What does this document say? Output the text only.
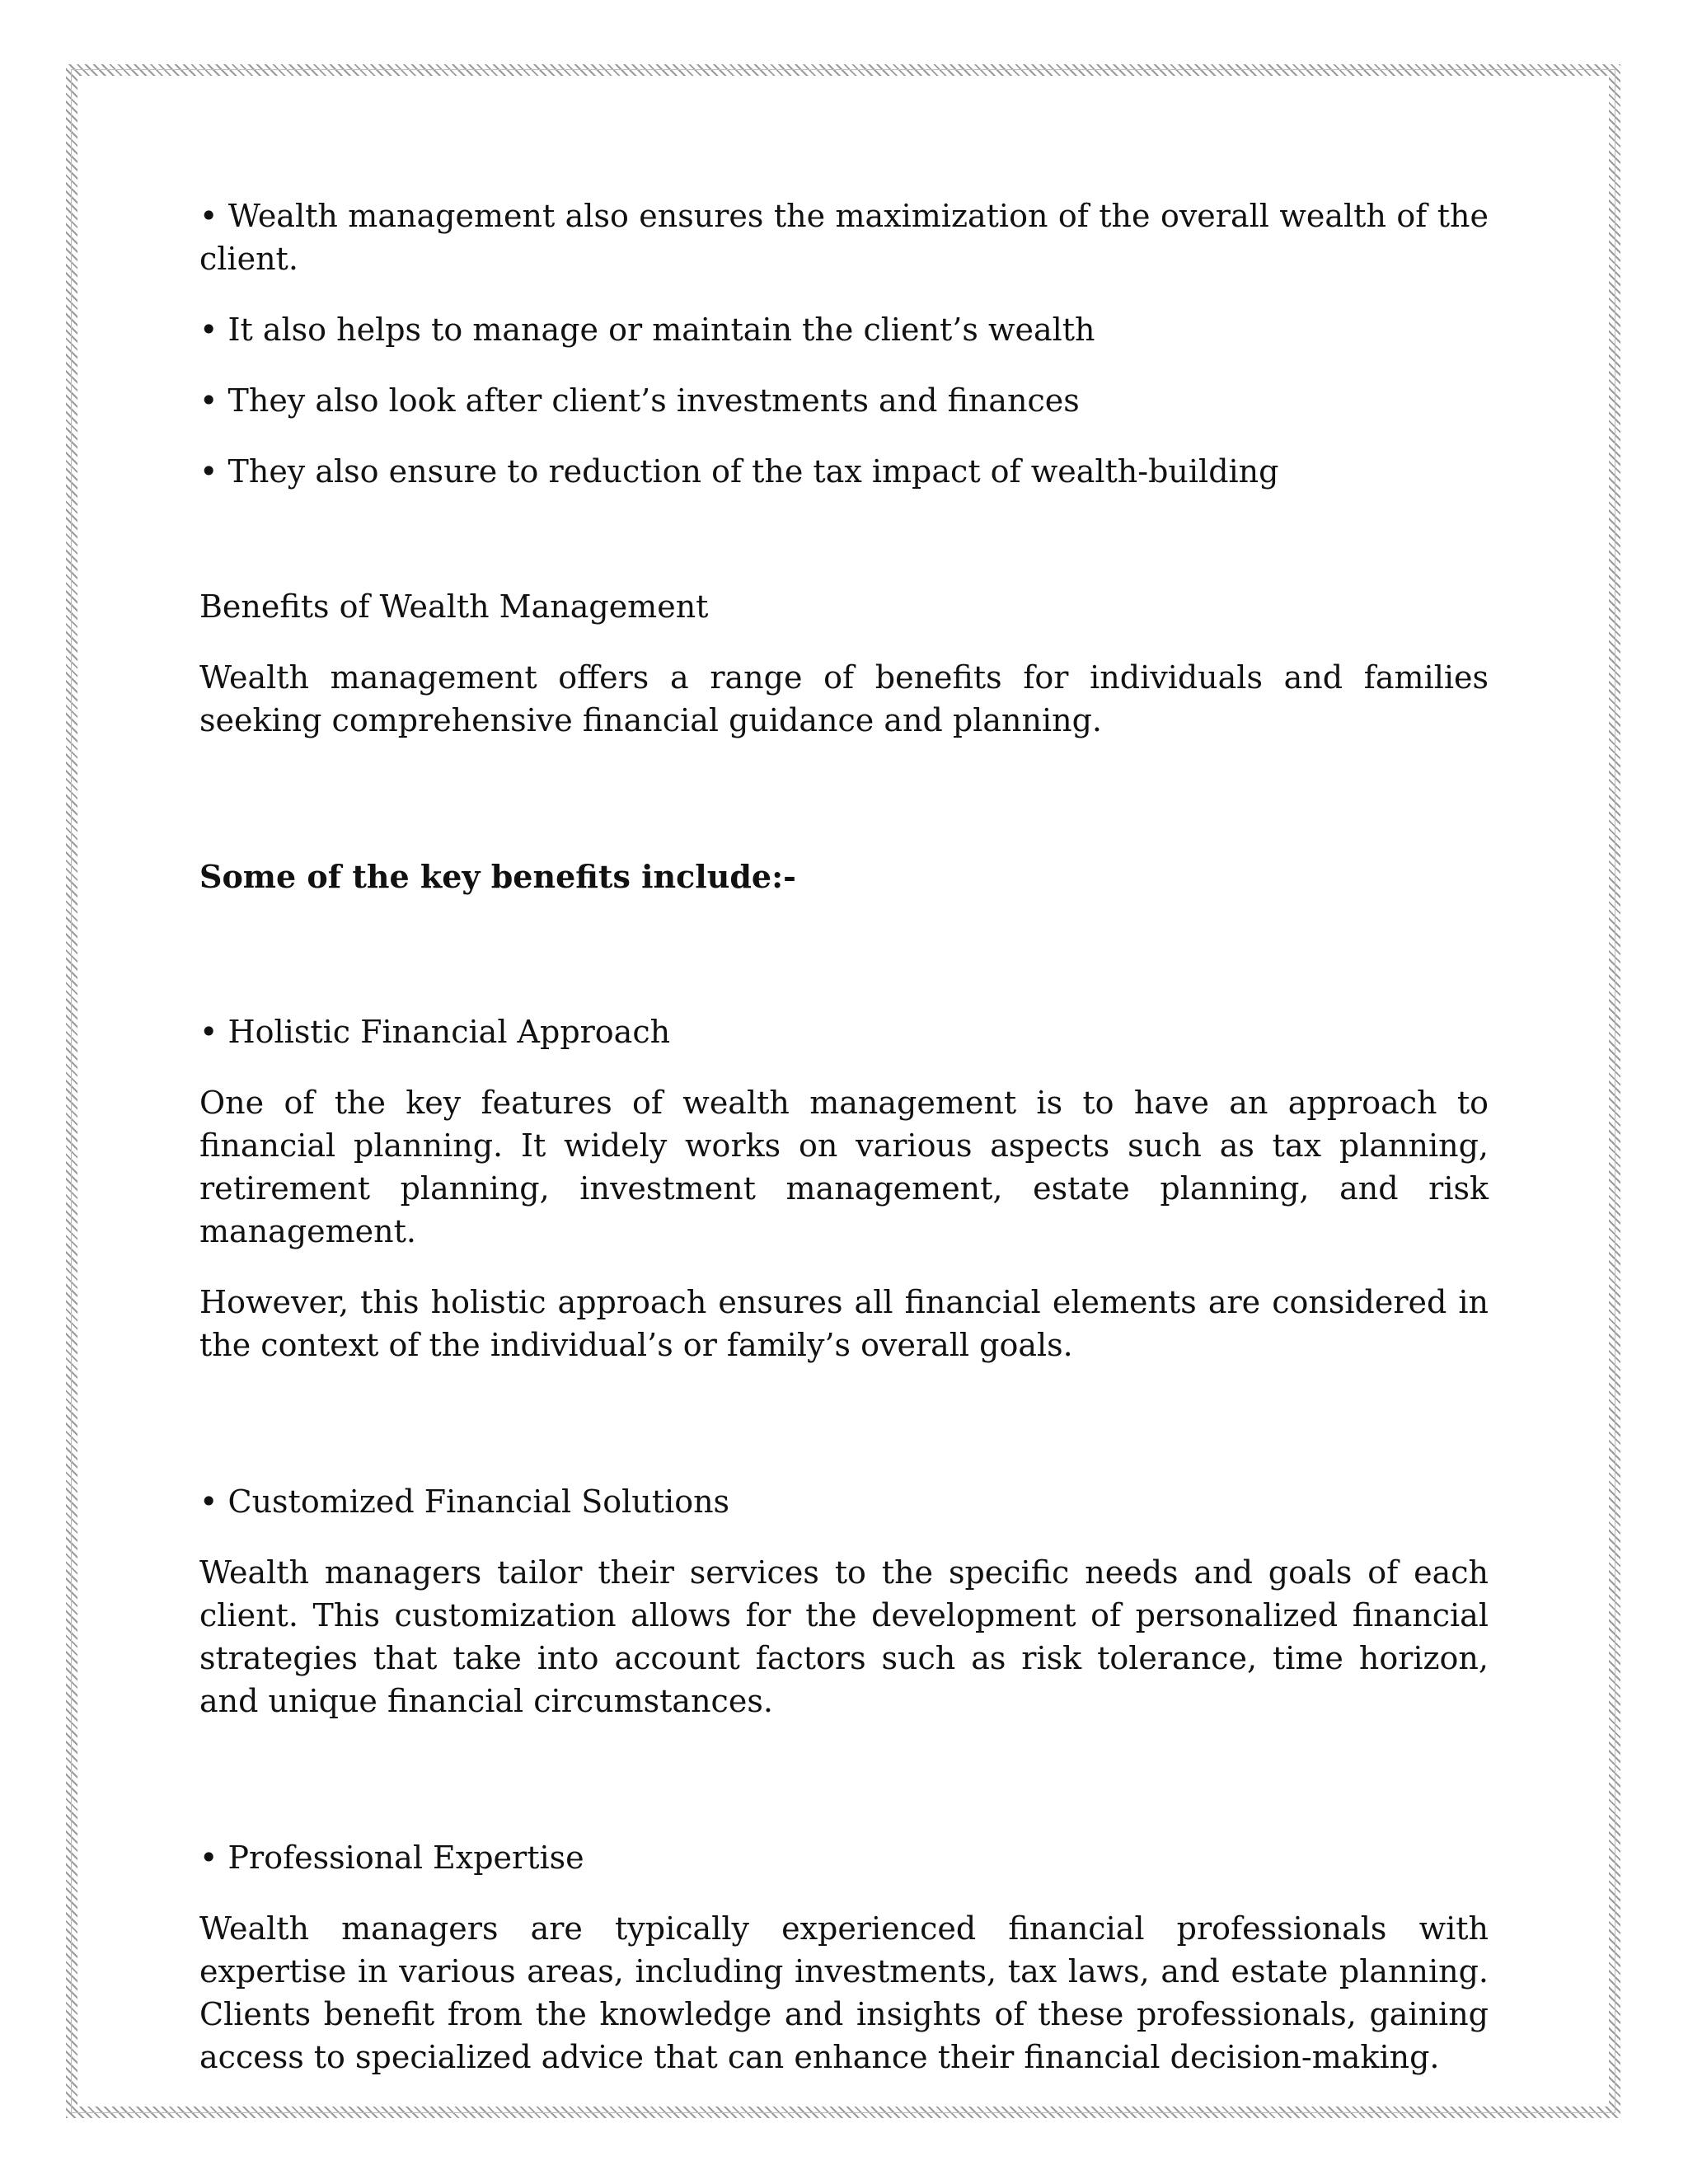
• Wealth management also ensures the maximization of the overall wealth of the client.

• It also helps to manage or maintain the client’s wealth

• They also look after client’s investments and finances

• They also ensure to reduction of the tax impact of wealth-building

Benefits of Wealth Management

Wealth management offers a range of benefits for individuals and families seeking comprehensive financial guidance and planning.

Some of the key benefits include:-

• Holistic Financial Approach

One of the key features of wealth management is to have an approach to financial planning. It widely works on various aspects such as tax planning, retirement planning, investment management, estate planning, and risk management.

However, this holistic approach ensures all financial elements are considered in the context of the individual’s or family’s overall goals.

• Customized Financial Solutions

Wealth managers tailor their services to the specific needs and goals of each client. This customization allows for the development of personalized financial strategies that take into account factors such as risk tolerance, time horizon, and unique financial circumstances.

• Professional Expertise

Wealth managers are typically experienced financial professionals with expertise in various areas, including investments, tax laws, and estate planning. Clients benefit from the knowledge and insights of these professionals, gaining access to specialized advice that can enhance their financial decision-making.
